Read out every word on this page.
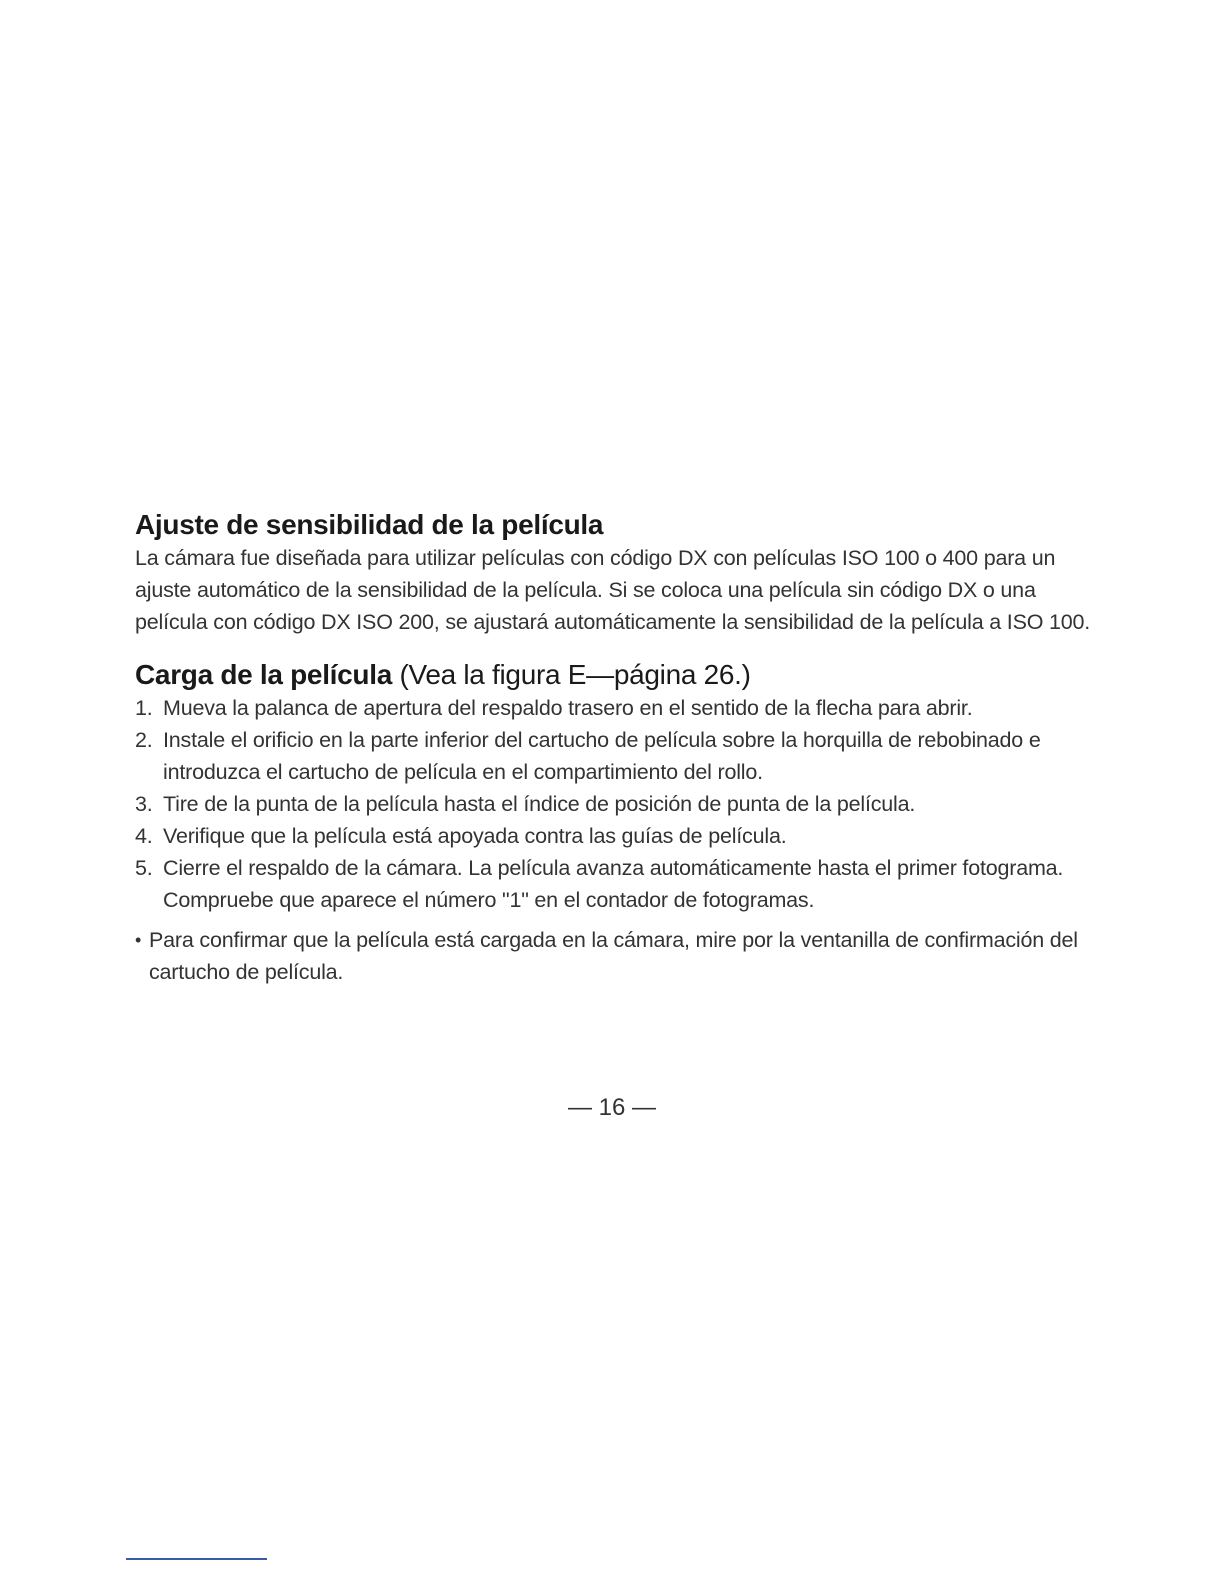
Ajuste de sensibilidad de la película

La cámara fue diseñada para utilizar películas con código DX con películas ISO 100 o 400 para un ajuste automático de la sensibilidad de la película. Si se coloca una película sin código DX o una película con código DX ISO 200, se ajustará automáticamente la sensibilidad de la película a ISO 100.

Carga de la película (Vea la figura E—página 26.)
1. Mueva la palanca de apertura del respaldo trasero en el sentido de la flecha para abrir.
2. Instale el orificio en la parte inferior del cartucho de película sobre la horquilla de rebobinado e introduzca el cartucho de película en el compartimiento del rollo.
3. Tire de la punta de la película hasta el índice de posición de punta de la película.
4. Verifique que la película está apoyada contra las guías de película.
5. Cierre el respaldo de la cámara. La película avanza automáticamente hasta el primer fotograma. Compruebe que aparece el número "1" en el contador de fotogramas.
• Para confirmar que la película está cargada en la cámara, mire por la ventanilla de confirmación del cartucho de película.
— 16 —
